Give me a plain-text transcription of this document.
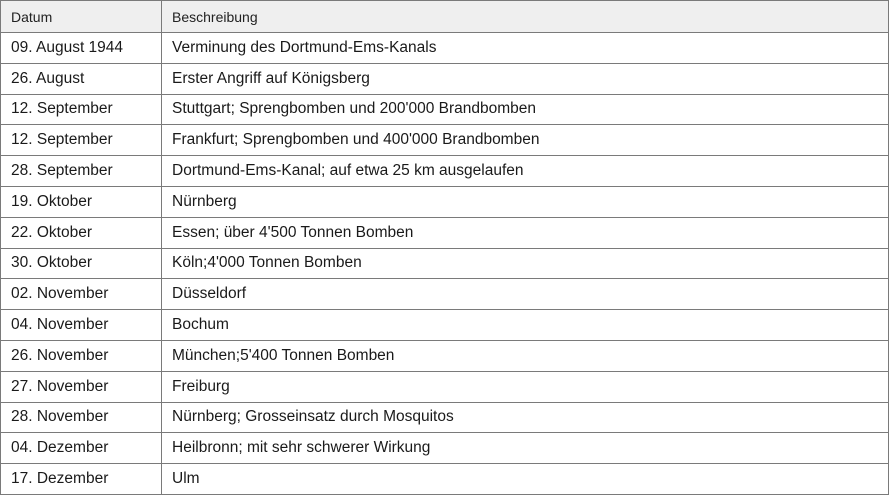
Datum	Beschreibung
09. August 1944	Verminung des Dortmund-Ems-Kanals
26. August	Erster Angriff auf Königsberg
12. September	Stuttgart; Sprengbomben und 200'000 Brandbomben
12. September	Frankfurt; Sprengbomben und 400'000 Brandbomben
28. September	Dortmund-Ems-Kanal; auf etwa 25 km ausgelaufen
19. Oktober	Nürnberg
22. Oktober	Essen; über 4'500 Tonnen Bomben
30. Oktober	Köln;4'000 Tonnen Bomben
02. November	Düsseldorf
04. November	Bochum
26. November	München;5'400 Tonnen Bomben
27. November	Freiburg
28. November	Nürnberg; Grosseinsatz durch Mosquitos
04. Dezember	Heilbronn; mit sehr schwerer Wirkung
17. Dezember	Ulm
